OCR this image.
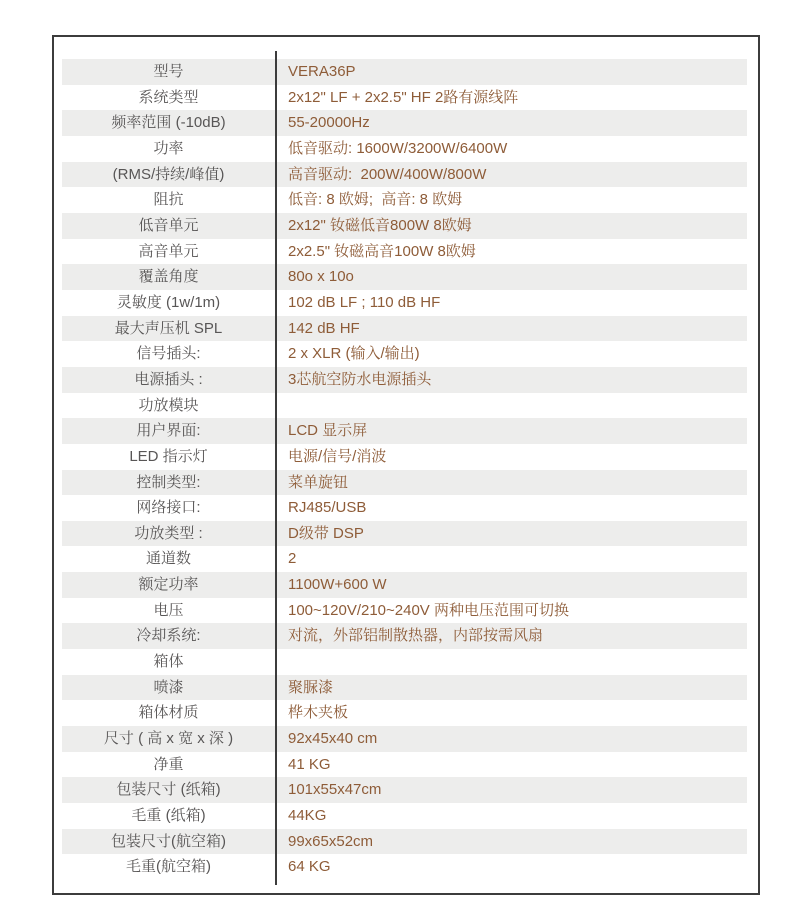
型号	VERA36P
系统类型	2x12" LF + 2x2.5" HF 2路有源线阵
频率范围 (-10dB)	55-20000Hz
功率	低音驱动: 1600W/3200W/6400W
(RMS/持续/峰值)	高音驱动:  200W/400W/800W
阻抗	低音: 8 欧姆;  高音: 8 欧姆
低音单元	2x12" 钕磁低音800W 8欧姆
高音单元	2x2.5" 钕磁高音100W 8欧姆
覆盖角度	80o x 10o
灵敏度 (1w/1m)	102 dB LF ; 110 dB HF
最大声压机 SPL	142 dB HF
信号插头:	2 x XLR (输入/输出)
电源插头 :	3芯航空防水电源插头
功放模块
用户界面:	LCD 显示屏
LED 指示灯	电源/信号/消波
控制类型:	菜单旋钮
网络接口:	RJ485/USB
功放类型 :	D级带 DSP
通道数	2
额定功率	1100W+600 W
电压	100~120V/210~240V 两种电压范围可切换
冷却系统:	对流，外部铝制散热器，内部按需风扇
箱体
喷漆	聚脲漆
箱体材质	桦木夹板
尺寸 ( 高 x 宽 x 深 )	92x45x40 cm
净重	41 KG
包装尺寸 (纸箱)	101x55x47cm
毛重 (纸箱)	44KG
包装尺寸(航空箱)	99x65x52cm
毛重(航空箱)	64 KG
